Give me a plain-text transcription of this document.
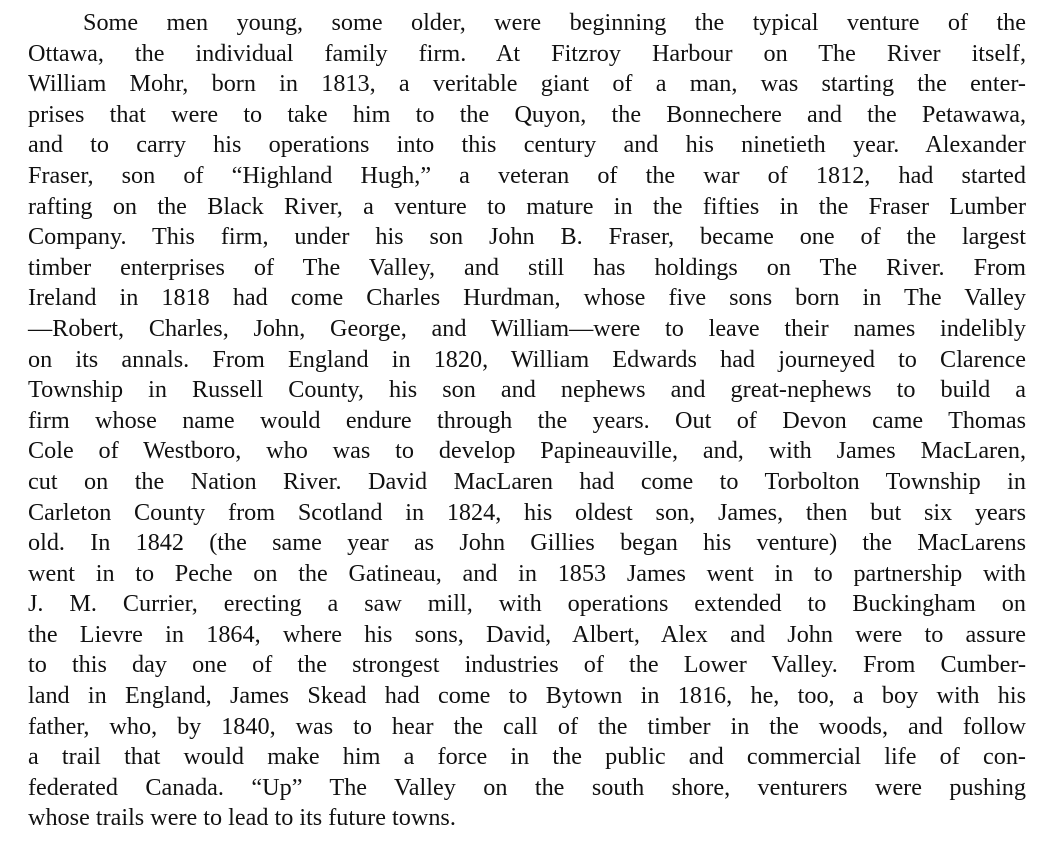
Some men young, some older, were beginning the typical venture of the
Ottawa, the individual family firm. At Fitzroy Harbour on The River itself,
William Mohr, born in 1813, a veritable giant of a man, was starting the enter-
prises that were to take him to the Quyon, the Bonnechere and the Petawawa,
and to carry his operations into this century and his ninetieth year. Alexander
Fraser, son of “Highland Hugh,” a veteran of the war of 1812, had started
rafting on the Black River, a venture to mature in the fifties in the Fraser Lumber
Company. This firm, under his son John B. Fraser, became one of the largest
timber enterprises of The Valley, and still has holdings on The River. From
Ireland in 1818 had come Charles Hurdman, whose five sons born in The Valley
—Robert, Charles, John, George, and William—were to leave their names indelibly
on its annals. From England in 1820, William Edwards had journeyed to Clarence
Township in Russell County, his son and nephews and great-nephews to build a
firm whose name would endure through the years. Out of Devon came Thomas
Cole of Westboro, who was to develop Papineauville, and, with James MacLaren,
cut on the Nation River. David MacLaren had come to Torbolton Township in
Carleton County from Scotland in 1824, his oldest son, James, then but six years
old. In 1842 (the same year as John Gillies began his venture) the MacLarens
went in to Peche on the Gatineau, and in 1853 James went in to partnership with
J. M. Currier, erecting a saw mill, with operations extended to Buckingham on
the Lievre in 1864, where his sons, David, Albert, Alex and John were to assure
to this day one of the strongest industries of the Lower Valley. From Cumber-
land in England, James Skead had come to Bytown in 1816, he, too, a boy with his
father, who, by 1840, was to hear the call of the timber in the woods, and follow
a trail that would make him a force in the public and commercial life of con-
federated Canada. “Up” The Valley on the south shore, venturers were pushing
whose trails were to lead to its future towns.
